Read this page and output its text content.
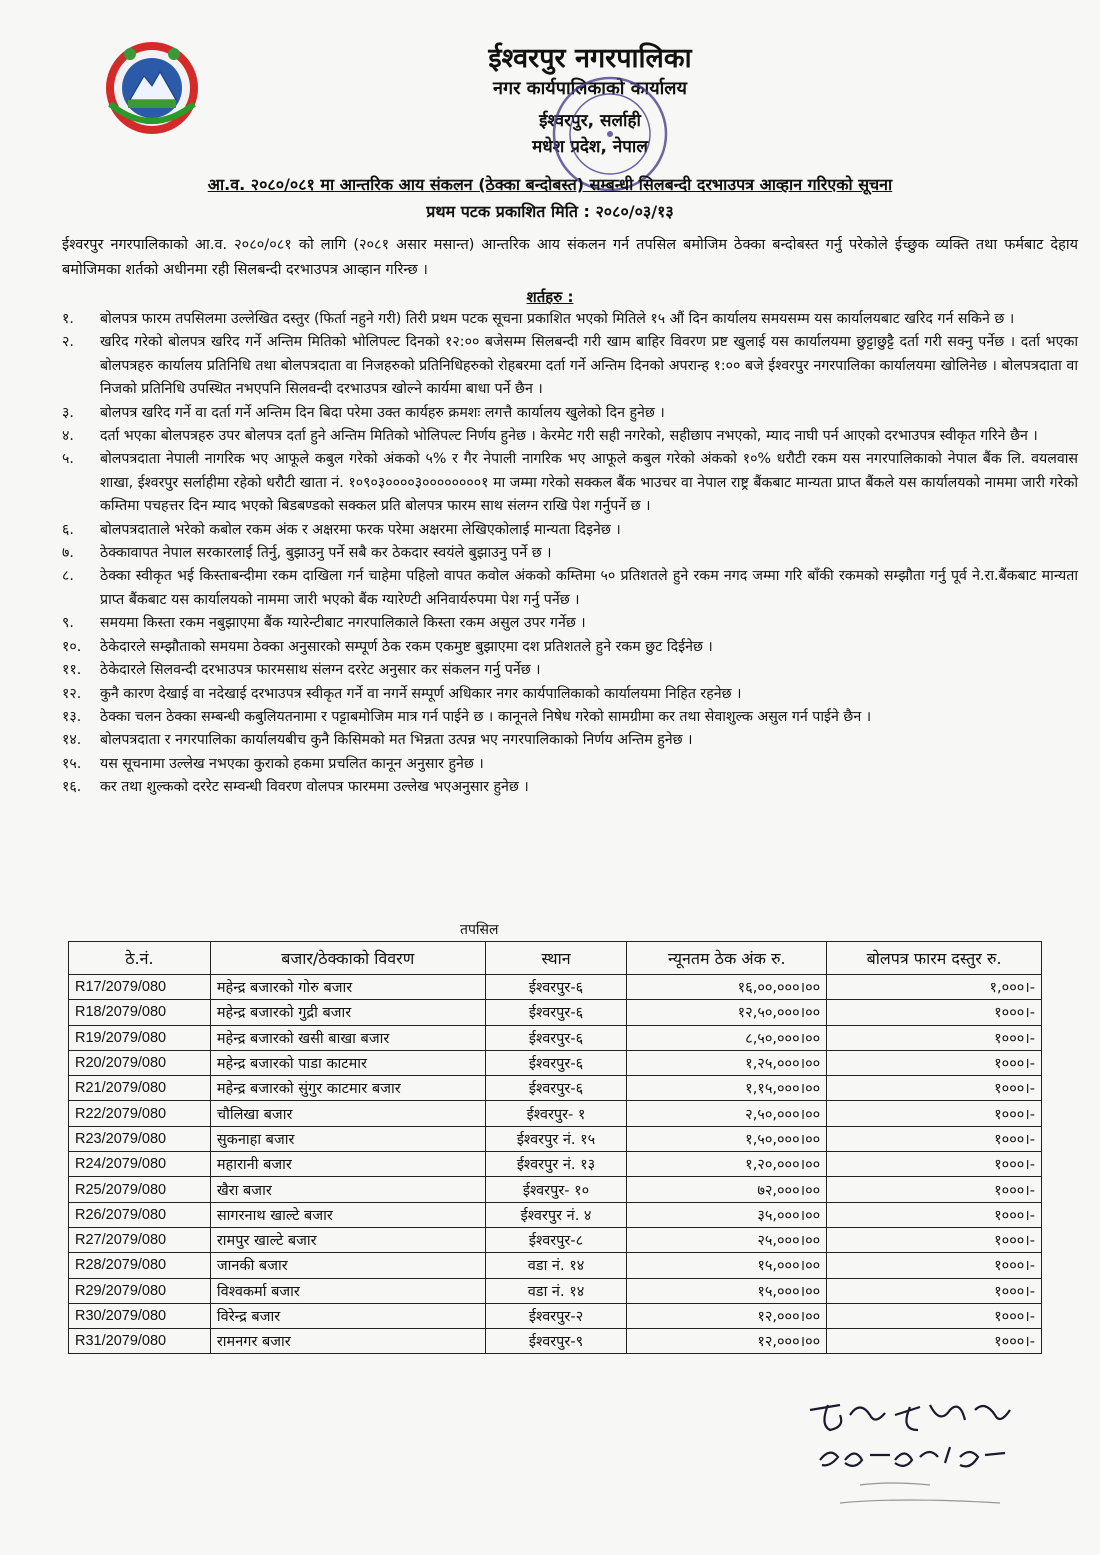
ईश्वरपुर नगरपालिका
नगर कार्यपालिकाको कार्यालय
ईश्वरपुर, सर्लाही
मधेश प्रदेश, नेपाल
आ.व. २०८०/०८१ मा आन्तरिक आय संकलन (ठेक्का बन्दोबस्त) सम्बन्धी सिलबन्दी दरभाउपत्र आव्हान गरिएको सूचना
प्रथम पटक प्रकाशित मिति : २०८०/०३/१३
ईश्वरपुर नगरपालिकाको आ.व. २०८०/०८१ को लागि (२०८१ असार मसान्त) आन्तरिक आय संकलन गर्न तपसिल बमोजिम ठेक्का बन्दोबस्त गर्नु परेकोले ईच्छुक व्यक्ति तथा फर्मबाट देहाय बमोजिमका शर्तको अधीनमा रही सिलबन्दी दरभाउपत्र आव्हान गरिन्छ ।
शर्तहरु :
१.	बोलपत्र फारम तपसिलमा उल्लेखित दस्तुर (फिर्ता नहुने गरी) तिरी प्रथम पटक सूचना प्रकाशित भएको मितिले १५ औं दिन कार्यालय समयसम्म यस कार्यालयबाट खरिद गर्न सकिने छ ।
२.	खरिद गरेको बोलपत्र खरिद गर्ने अन्तिम मितिको भोलिपल्ट दिनको १२:०० बजेसम्म सिलबन्दी गरी खाम बाहिर विवरण प्रष्ट खुलाई यस कार्यालयमा छुट्टाछुट्टै दर्ता गरी सक्नु पर्नेछ । दर्ता भएका बोलपत्रहरु कार्यालय प्रतिनिधि तथा बोलपत्रदाता वा निजहरुको प्रतिनिधिहरुको रोहबरमा दर्ता गर्ने अन्तिम दिनको अपरान्ह १:०० बजे ईश्वरपुर नगरपालिका कार्यालयमा खोलिनेछ । बोलपत्रदाता वा निजको प्रतिनिधि उपस्थित नभएपनि सिलवन्दी दरभाउपत्र खोल्ने कार्यमा बाधा पर्ने छैन ।
३.	बोलपत्र खरिद गर्ने वा दर्ता गर्ने अन्तिम दिन बिदा परेमा उक्त कार्यहरु क्रमशः लगत्तै कार्यालय खुलेको दिन हुनेछ ।
४.	दर्ता भएका बोलपत्रहरु उपर बोलपत्र दर्ता हुने अन्तिम मितिको भोलिपल्ट निर्णय हुनेछ । केरमेट गरी सही नगरेको, सहीछाप नभएको, म्याद नाघी पर्न आएको दरभाउपत्र स्वीकृत गरिने छैन ।
५.	बोलपत्रदाता नेपाली नागरिक भए आफूले कबुल गरेको अंकको ५% र गैर नेपाली नागरिक भए आफूले कबुल गरेको अंकको १०% धरौटी रकम यस नगरपालिकाको नेपाल बैंक लि. वयलवास शाखा, ईश्वरपुर सर्लाहीमा रहेको धरौटी खाता नं. १०९०३००००३००००००००१ मा जम्मा गरेको सक्कल बैंक भाउचर वा नेपाल राष्ट्र बैंकबाट मान्यता प्राप्त बैंकले यस कार्यालयको नाममा जारी गरेको कम्तिमा पचहत्तर दिन म्याद भएको बिडबण्डको सक्कल प्रति बोलपत्र फारम साथ संलग्न राखि पेश गर्नुपर्ने छ ।
६.	बोलपत्रदाताले भरेको कबोल रकम अंक र अक्षरमा फरक परेमा अक्षरमा लेखिएकोलाई मान्यता दिइनेछ ।
७.	ठेक्कावापत नेपाल सरकारलाई तिर्नु, बुझाउनु पर्ने सबै कर ठेकदार स्वयंले बुझाउनु पर्ने छ ।
८.	ठेक्का स्वीकृत भई किस्ताबन्दीमा रकम दाखिला गर्न चाहेमा पहिलो वापत कवोल अंकको कम्तिमा ५० प्रतिशतले हुने रकम नगद जम्मा गरि बाँकी रकमको सम्झौता गर्नु पूर्व ने.रा.बैंकबाट मान्यता प्राप्त बैंकबाट यस कार्यालयको नाममा जारी भएको बैंक ग्यारेण्टी अनिवार्यरुपमा पेश गर्नु पर्नेछ ।
९.	समयमा किस्ता रकम नबुझाएमा बैंक ग्यारेन्टीबाट नगरपालिकाले किस्ता रकम असुल उपर गर्नेछ ।
१०.	ठेकेदारले सम्झौताको समयमा ठेक्का अनुसारको सम्पूर्ण ठेक रकम एकमुष्ट बुझाएमा दश प्रतिशतले हुने रकम छुट दिईनेछ ।
११.	ठेकेदारले सिलवन्दी दरभाउपत्र फारमसाथ संलग्न दररेट अनुसार कर संकलन गर्नु पर्नेछ ।
१२.	कुनै कारण देखाई वा नदेखाई दरभाउपत्र स्वीकृत गर्ने वा नगर्ने सम्पूर्ण अधिकार नगर कार्यपालिकाको कार्यालयमा निहित रहनेछ ।
१३.	ठेक्का चलन ठेक्का सम्बन्धी कबुलियतनामा र पट्टाबमोजिम मात्र गर्न पाईने छ । कानूनले निषेध गरेको सामग्रीमा कर तथा सेवाशुल्क असुल गर्न पाईने छैन ।
१४.	बोलपत्रदाता र नगरपालिका कार्यालयबीच कुनै किसिमको मत भिन्नता उत्पन्न भए नगरपालिकाको निर्णय अन्तिम हुनेछ ।
१५.	यस सूचनामा उल्लेख नभएका कुराको हकमा प्रचलित कानून अनुसार हुनेछ ।
१६.	कर तथा शुल्कको दररेट सम्वन्धी विवरण वोलपत्र फारममा उल्लेख भएअनुसार हुनेछ ।
तपसिल
ठे.नं.	बजार/ठेक्काको विवरण	स्थान	न्यूनतम ठेक अंक रु.	बोलपत्र फारम दस्तुर रु.
R17/2079/080	महेन्द्र बजारको गोरु बजार	ईश्वरपुर-६	१६,००,०००।००	१,०००।-
R18/2079/080	महेन्द्र बजारको गुद्री बजार	ईश्वरपुर-६	१२,५०,०००।००	१०००।-
R19/2079/080	महेन्द्र बजारको खसी बाखा बजार	ईश्वरपुर-६	८,५०,०००।००	१०००।-
R20/2079/080	महेन्द्र बजारको पाडा काटमार	ईश्वरपुर-६	१,२५,०००।००	१०००।-
R21/2079/080	महेन्द्र बजारको सुंगुर काटमार बजार	ईश्वरपुर-६	१,१५,०००।००	१०००।-
R22/2079/080	चौलिखा बजार	ईश्वरपुर- १	२,५०,०००।००	१०००।-
R23/2079/080	सुकनाहा बजार	ईश्वरपुर नं. १५	१,५०,०००।००	१०००।-
R24/2079/080	महारानी बजार	ईश्वरपुर नं. १३	१,२०,०००।००	१०००।-
R25/2079/080	खैरा बजार	ईश्वरपुर- १०	७२,०००।००	१०००।-
R26/2079/080	सागरनाथ खाल्टे बजार	ईश्वरपुर नं. ४	३५,०००।००	१०००।-
R27/2079/080	रामपुर खाल्टे बजार	ईश्वरपुर-८	२५,०००।००	१०००।-
R28/2079/080	जानकी बजार	वडा नं. १४	१५,०००।००	१०००।-
R29/2079/080	विश्वकर्मा बजार	वडा नं. १४	१५,०००।००	१०००।-
R30/2079/080	विरेन्द्र बजार	ईश्वरपुर-२	१२,०००।००	१०००।-
R31/2079/080	रामनगर बजार	ईश्वरपुर-९	१२,०००।००	१०००।-
